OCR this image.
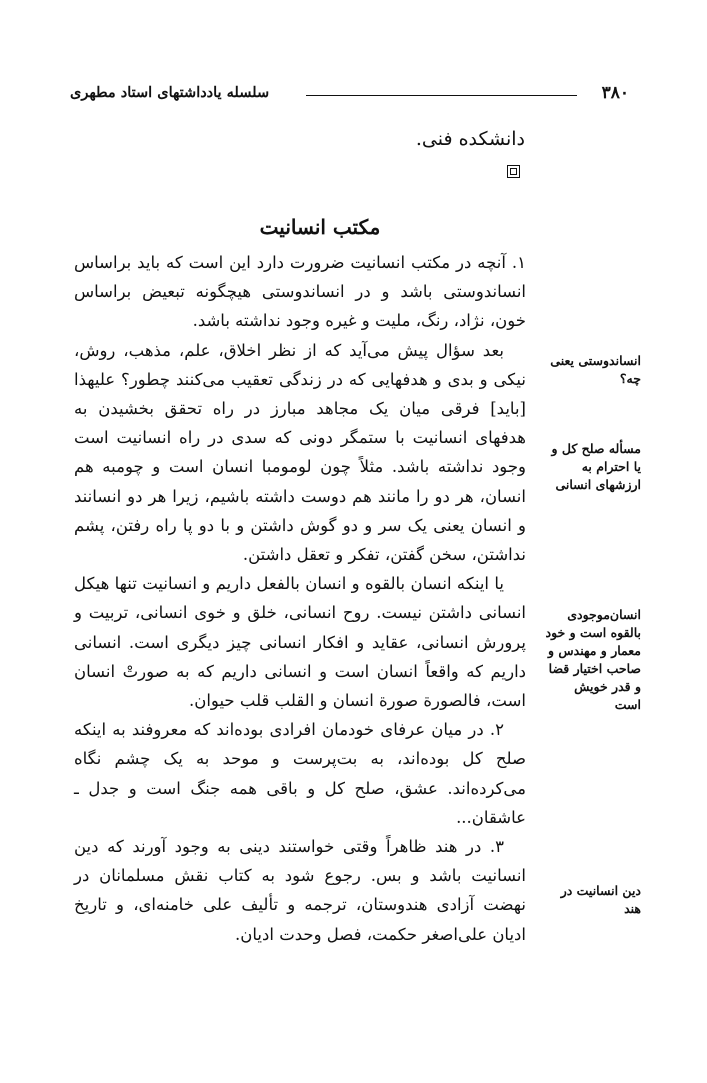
۳۸۰
سلسله یادداشتهای استاد مطهری
دانشکده فنی.
مکتب انسانیت

۱. آنچه در مکتب انسانیت ضرورت دارد این است که باید براساس انساندوستی باشد و در انساندوستی هیچگونه تبعیض براساس خون، نژاد، رنگ، ملیت و غیره وجود نداشته باشد.

بعد سؤال پیش می‌آید که از نظر اخلاق، علم، مذهب، روش، نیکی و بدی و هدفهایی که در زندگی تعقیب می‌کنند چطور؟ علیهذا [باید] فرقی میان یک مجاهد مبارز در راه تحقق بخشیدن به هدفهای انسانیت با ستمگر دونی که سدی در راه انسانیت است وجود نداشته باشد. مثلاً چون لومومبا انسان است و چومبه هم انسان، هر دو را مانند هم دوست داشته باشیم، زیرا هر دو انسانند و انسان یعنی یک سر و دو گوش داشتن و با دو پا راه رفتن، پشم نداشتن، سخن گفتن، تفکر و تعقل داشتن.

یا اینکه انسان بالقوه و انسان بالفعل داریم و انسانیت تنها هیکل انسانی داشتن نیست. روح انسانی، خلق و خوی انسانی، تربیت و پرورش انسانی، عقاید و افکار انسانی چیز دیگری است. انسانی داریم که واقعاً انسان است و انسانی داریم که به صورتْ انسان است، فالصورة صورة انسان و القلب قلب حیوان.

۲. در میان عرفای خودمان افرادی بوده‌اند که معروفند به اینکه صلح کل بوده‌اند، به بت‌پرست و موحد به یک چشم نگاه می‌کرده‌اند. عشق، صلح کل و باقی همه جنگ است و جدل ـ عاشقان...

۳. در هند ظاهراً وقتی خواستند دینی به وجود آورند که دین انسانیت باشد و بس. رجوع شود به کتاب نقش مسلمانان در نهضت آزادی هندوستان، ترجمه و تألیف علی خامنه‌ای، و تاریخ ادیان علی‌اصغر حکمت، فصل وحدت ادیان.

انساندوستی یعنی چه؟
مسأله صلح کل و یا احترام به ارزشهای انسانی
انسان‌موجودی بالقوه است و خود معمار و مهندس و صاحب اختیار قضا و قدر خویش است
دین انسانیت در هند
